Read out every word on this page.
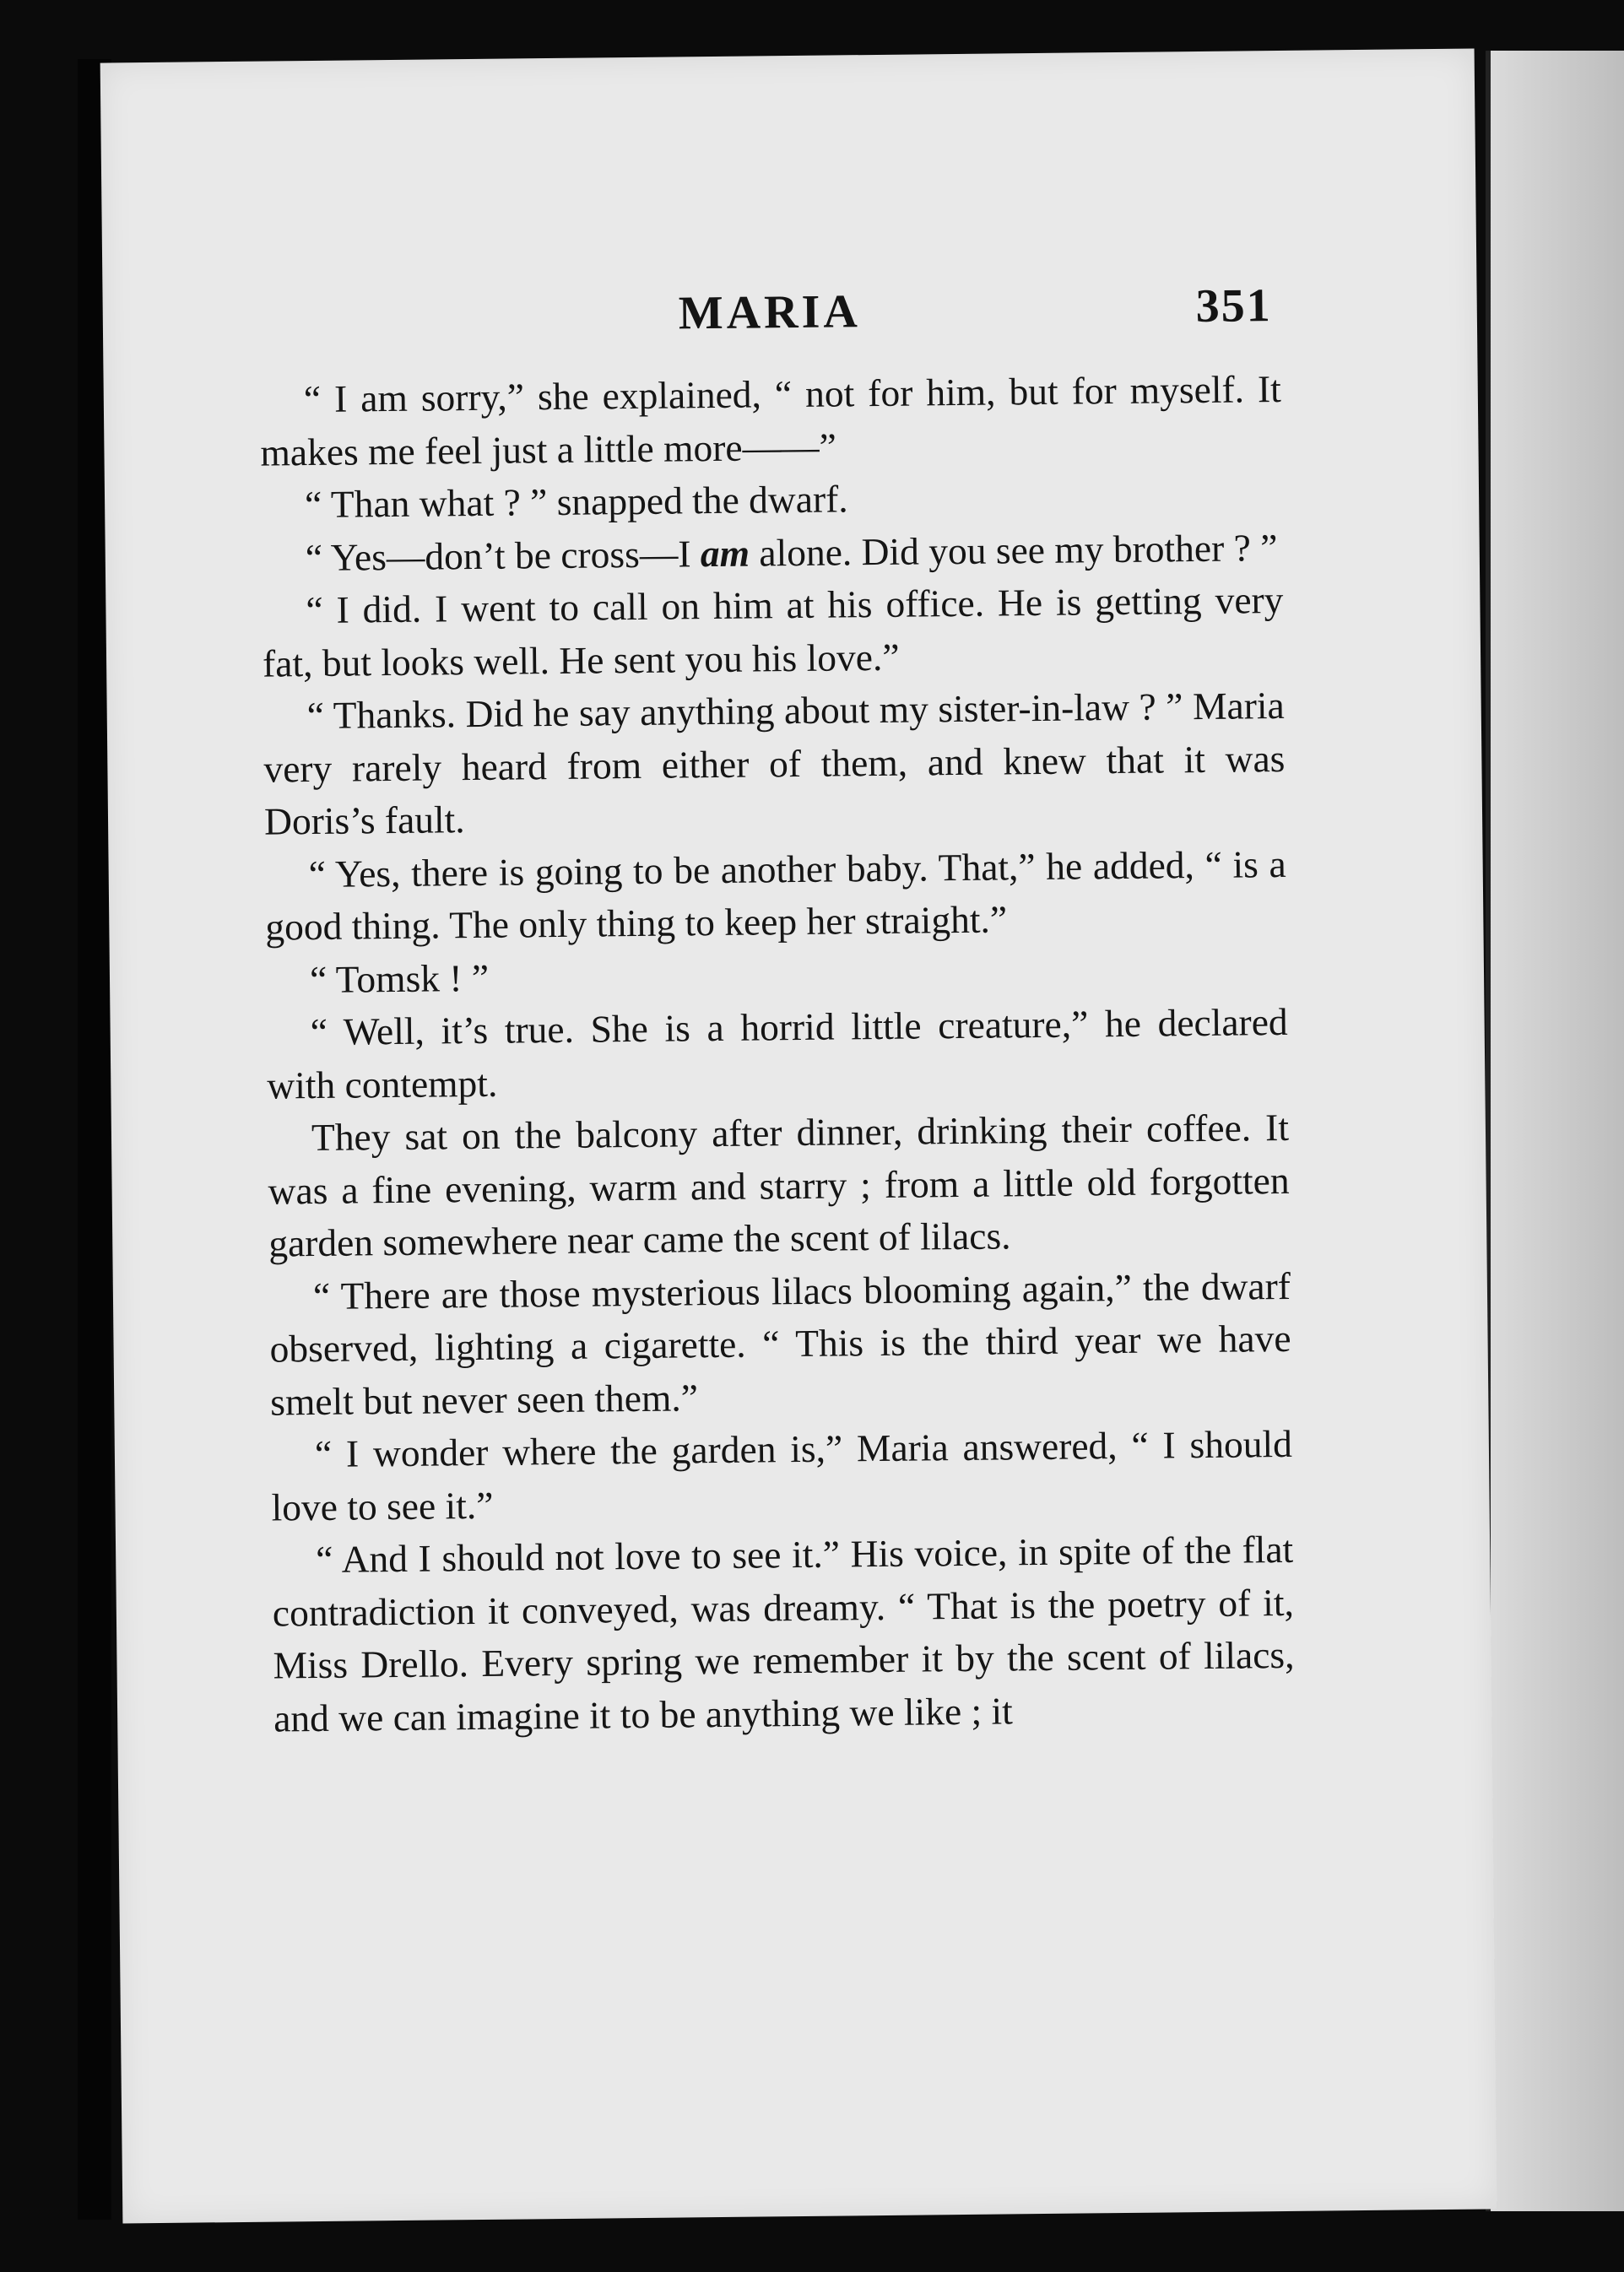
MARIA	351

“ I am sorry,” she explained, “ not for him, but for myself. It makes me feel just a little more——”

“ Than what ? ” snapped the dwarf.

“ Yes—don’t be cross—I am alone. Did you see my brother ? ”

“ I did. I went to call on him at his office. He is getting very fat, but looks well. He sent you his love.”

“ Thanks. Did he say anything about my sister-in-law ? ” Maria very rarely heard from either of them, and knew that it was Doris’s fault.

“ Yes, there is going to be another baby. That,” he added, “ is a good thing. The only thing to keep her straight.”

“ Tomsk ! ”

“ Well, it’s true. She is a horrid little creature,” he declared with contempt.

They sat on the balcony after dinner, drinking their coffee. It was a fine evening, warm and starry ; from a little old forgotten garden somewhere near came the scent of lilacs.

“ There are those mysterious lilacs blooming again,” the dwarf observed, lighting a cigarette. “ This is the third year we have smelt but never seen them.”

“ I wonder where the garden is,” Maria answered, “ I should love to see it.”

“ And I should not love to see it.” His voice, in spite of the flat contradiction it conveyed, was dreamy. “ That is the poetry of it, Miss Drello. Every spring we remember it by the scent of lilacs, and we can imagine it to be anything we like ; it
